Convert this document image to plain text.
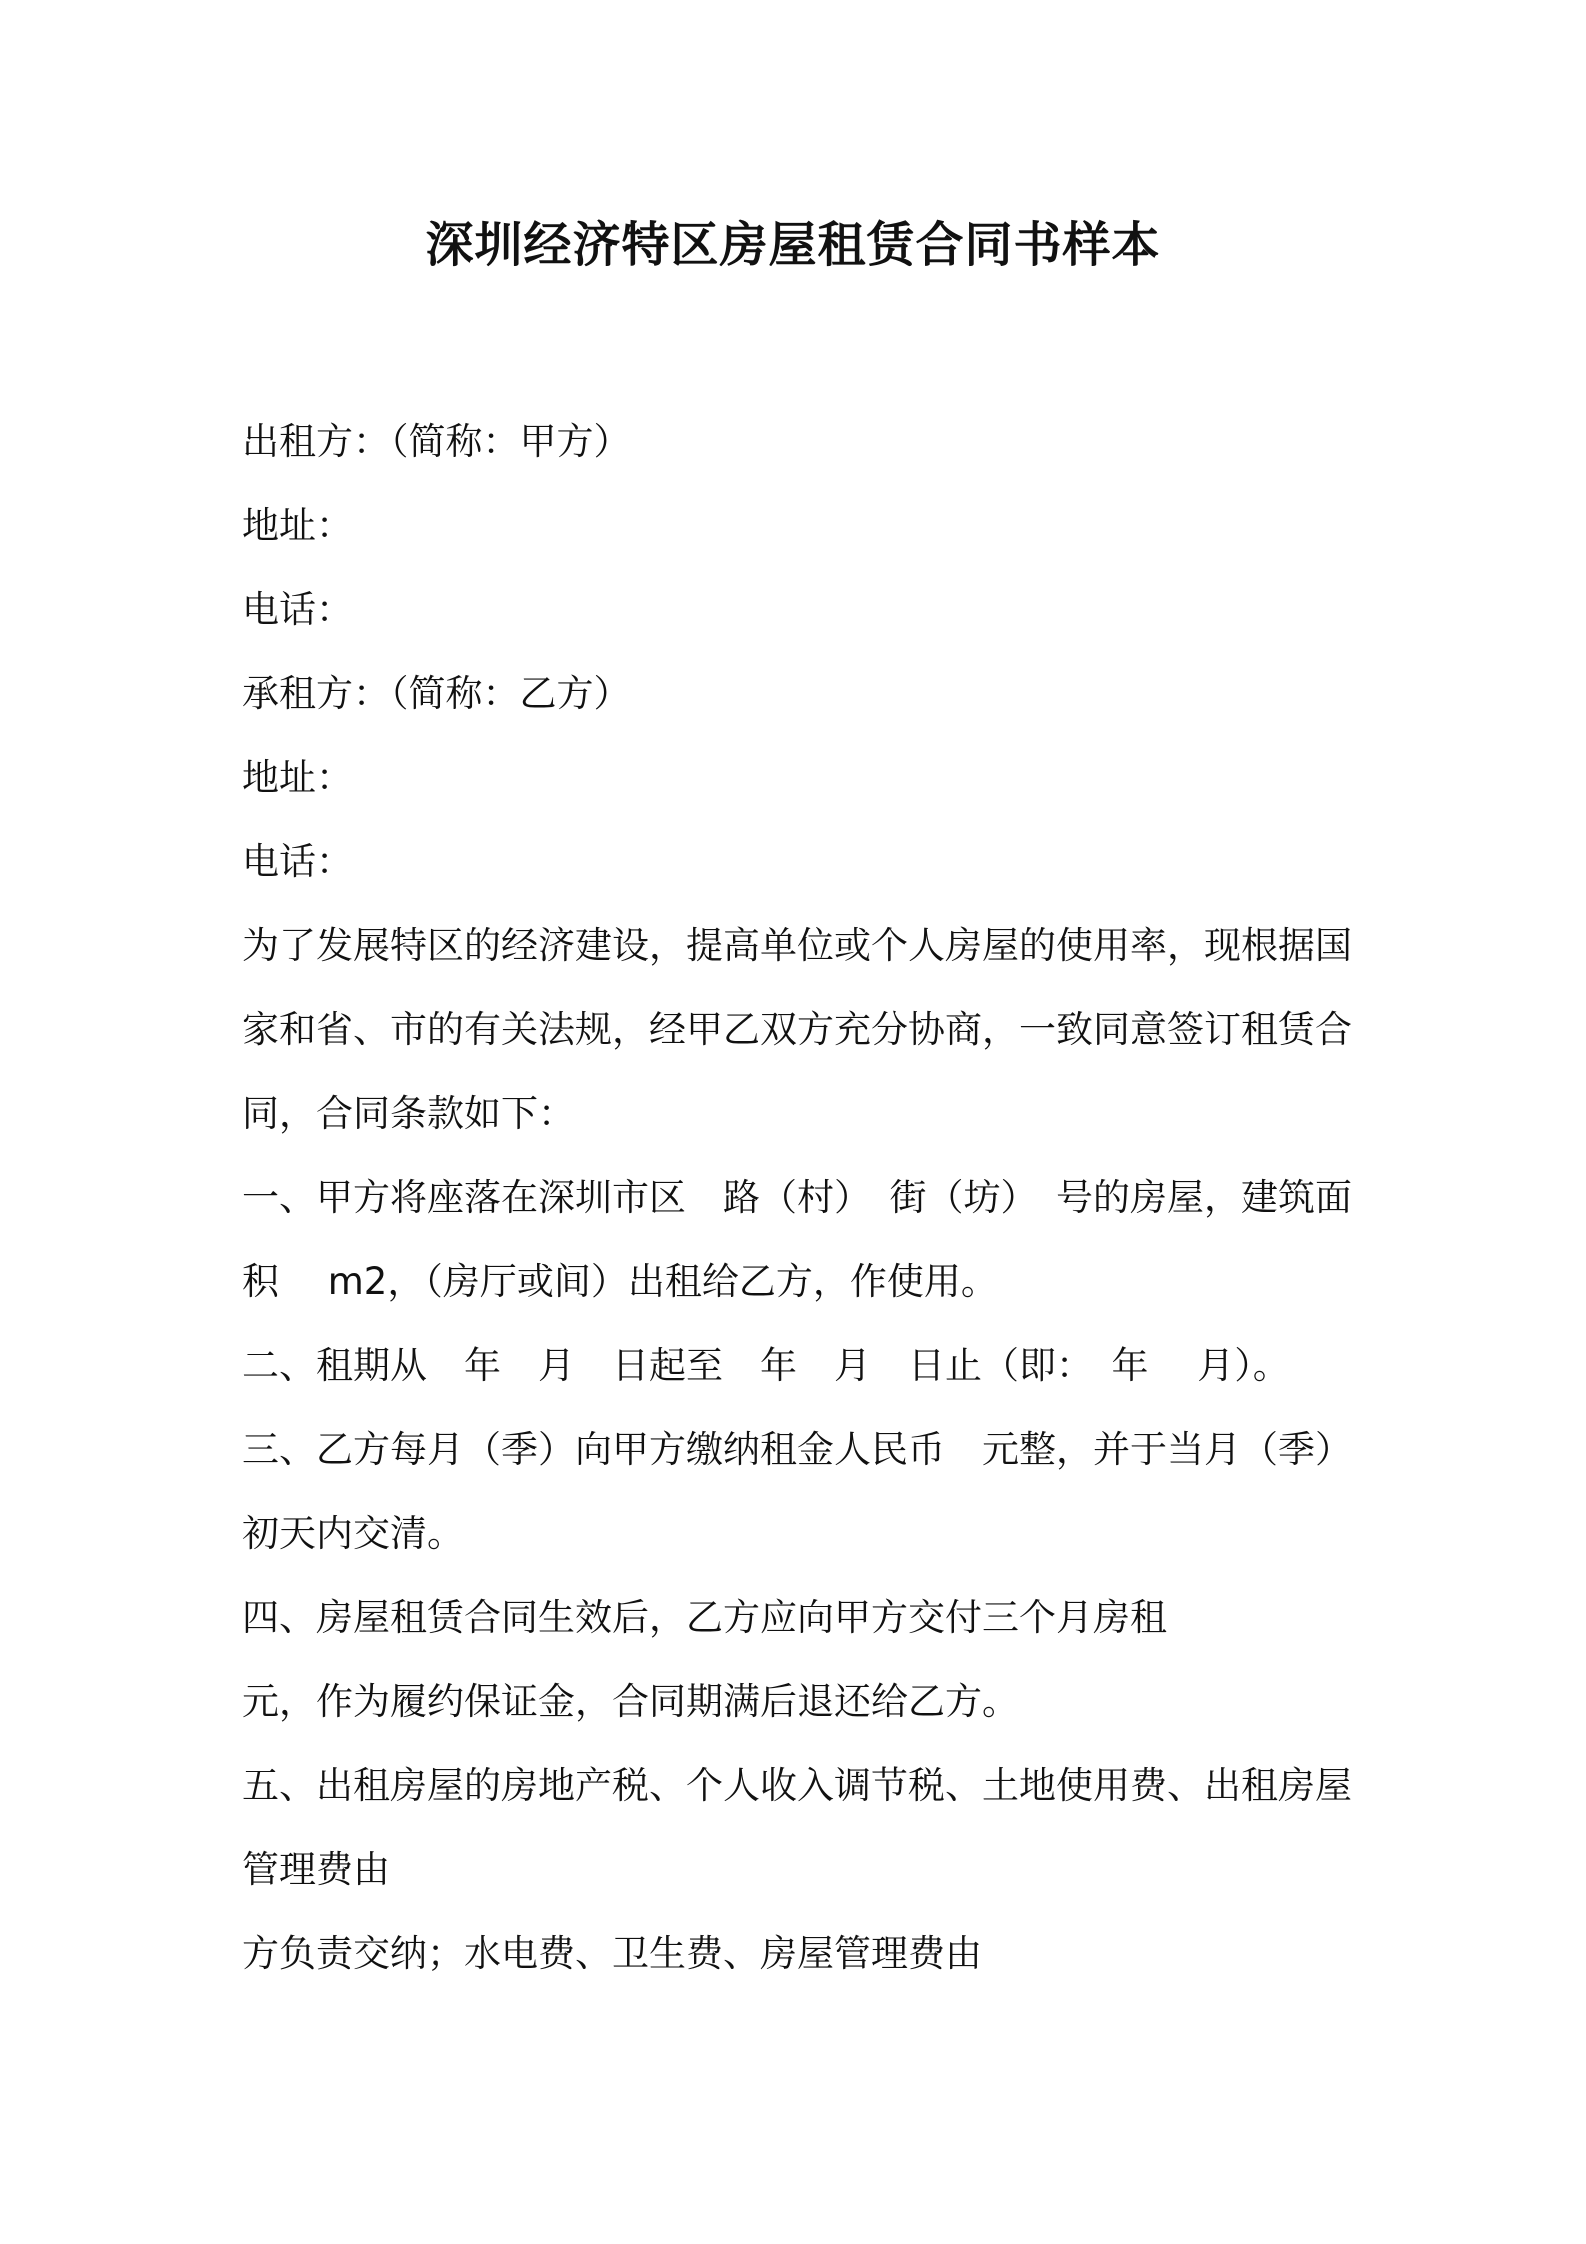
深圳经济特区房屋租赁合同书样本
出租方：（简称：甲方）
地址：
电话：
承租方：（简称：乙方）
地址：
电话：
为了发展特区的经济建设，提高单位或个人房屋的使用率，现根据国
家和省、市的有关法规，经甲乙双方充分协商，一致同意签订租赁合
同，合同条款如下：
一、甲方将座落在深圳市区　路（村）　街（坊）　号的房屋，建筑面
积　 m2，（房厅或间）出租给乙方，作使用。
二、租期从　年　月　日起至　年　月　日止（即：　年　 月）。
三、乙方每月（季）向甲方缴纳租金人民币　元整，并于当月（季）
初天内交清。
四、房屋租赁合同生效后，乙方应向甲方交付三个月房租
元，作为履约保证金，合同期满后退还给乙方。
五、出租房屋的房地产税、个人收入调节税、土地使用费、出租房屋
管理费由
方负责交纳；水电费、卫生费、房屋管理费由
